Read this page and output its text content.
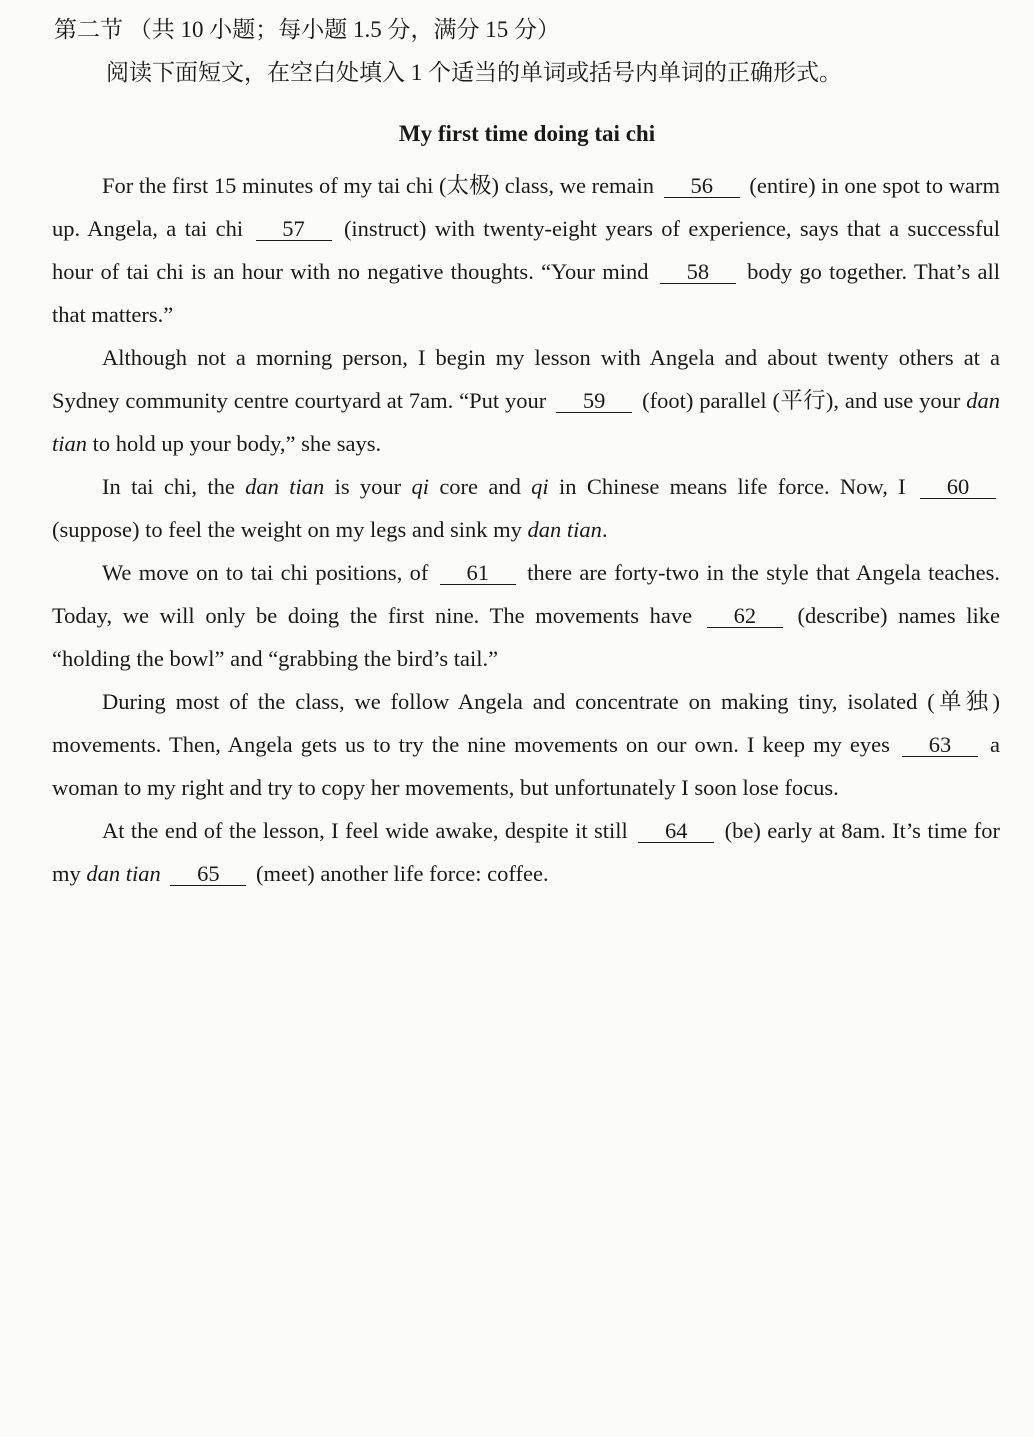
第二节 （共 10 小题；每小题 1.5 分，满分 15 分）
阅读下面短文，在空白处填入 1 个适当的单词或括号内单词的正确形式。
My first time doing tai chi

For the first 15 minutes of my tai chi (太极) class, we remain 56 (entire) in one spot to warm up. Angela, a tai chi 57 (instruct) with twenty-eight years of experience, says that a successful hour of tai chi is an hour with no negative thoughts. “Your mind 58 body go together. That’s all that matters.”

Although not a morning person, I begin my lesson with Angela and about twenty others at a Sydney community centre courtyard at 7am. “Put your 59 (foot) parallel (平行), and use your dan tian to hold up your body,” she says.

In tai chi, the dan tian is your qi core and qi in Chinese means life force. Now, I 60 (suppose) to feel the weight on my legs and sink my dan tian.

We move on to tai chi positions, of 61 there are forty-two in the style that Angela teaches. Today, we will only be doing the first nine. The movements have 62 (describe) names like “holding the bowl” and “grabbing the bird’s tail.”

During most of the class, we follow Angela and concentrate on making tiny, isolated (单独) movements. Then, Angela gets us to try the nine movements on our own. I keep my eyes 63 a woman to my right and try to copy her movements, but unfortunately I soon lose focus.

At the end of the lesson, I feel wide awake, despite it still 64 (be) early at 8am. It’s time for my dan tian 65 (meet) another life force: coffee.
